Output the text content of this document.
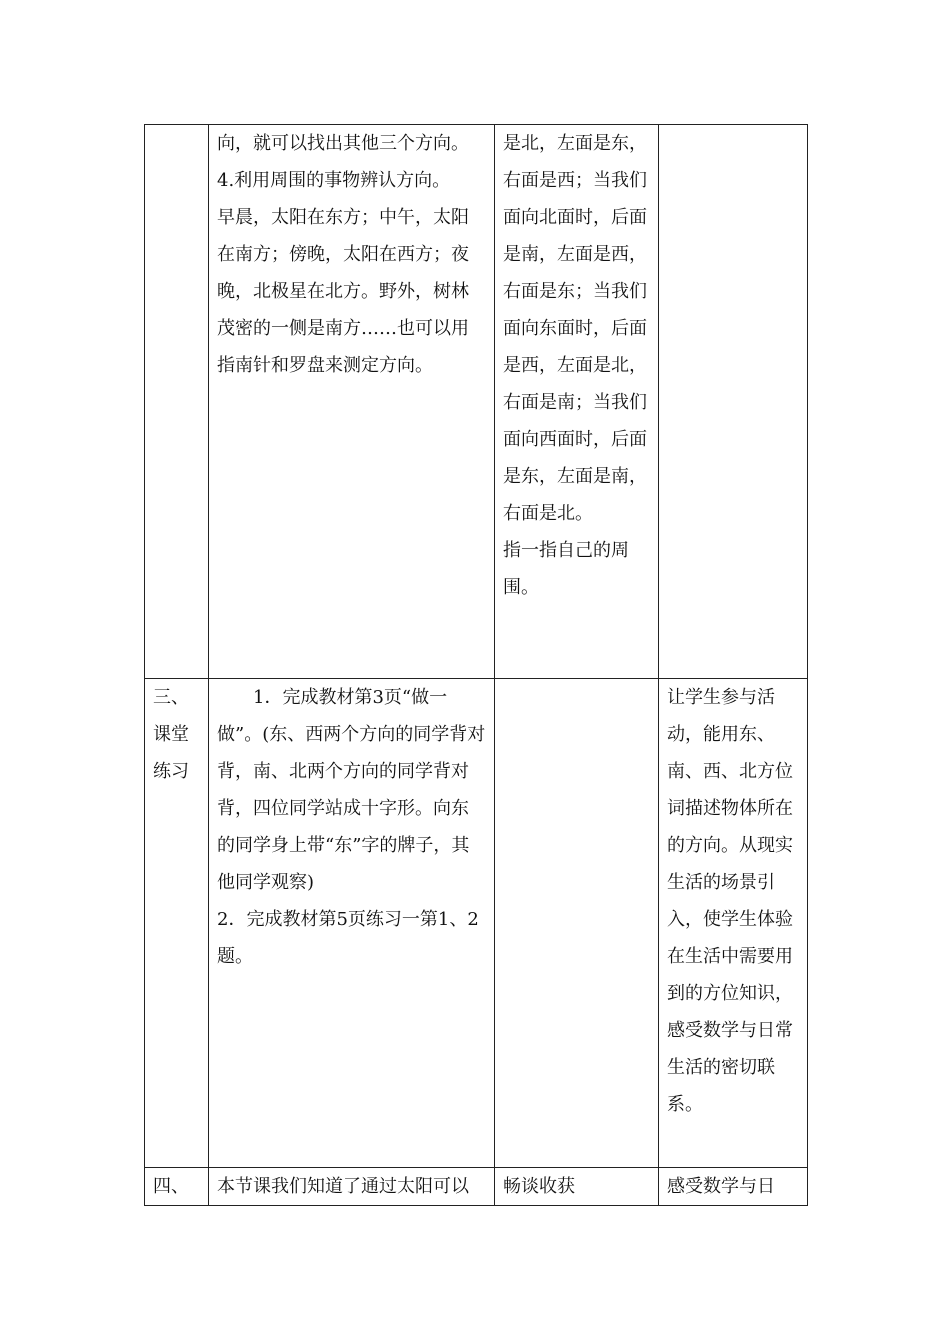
	向，就可以找出其他三个方向。
4.利用周围的事物辨认方向。
早晨，太阳在东方；中午，太阳在南方；傍晚，太阳在西方；夜晚，北极星在北方。野外，树林茂密的一侧是南方……也可以用指南针和罗盘来测定方向。	是北，左面是东，右面是西；当我们面向北面时，后面是南，左面是西，右面是东；当我们面向东面时，后面是西，左面是北，右面是南；当我们面向西面时，后面是东，左面是南，右面是北。
指一指自己的周围。	

三、课堂练习	1．完成教材第3页“做一做”。(东、西两个方向的同学背对背，南、北两个方向的同学背对背，四位同学站成十字形。向东的同学身上带“东”字的牌子，其他同学观察)
2．完成教材第5页练习一第1、2题。		让学生参与活动，能用东、南、西、北方位词描述物体所在的方向。从现实生活的场景引入，使学生体验在生活中需要用到的方位知识，感受数学与日常生活的密切联系。

四、	本节课我们知道了通过太阳可以	畅谈收获	感受数学与日
